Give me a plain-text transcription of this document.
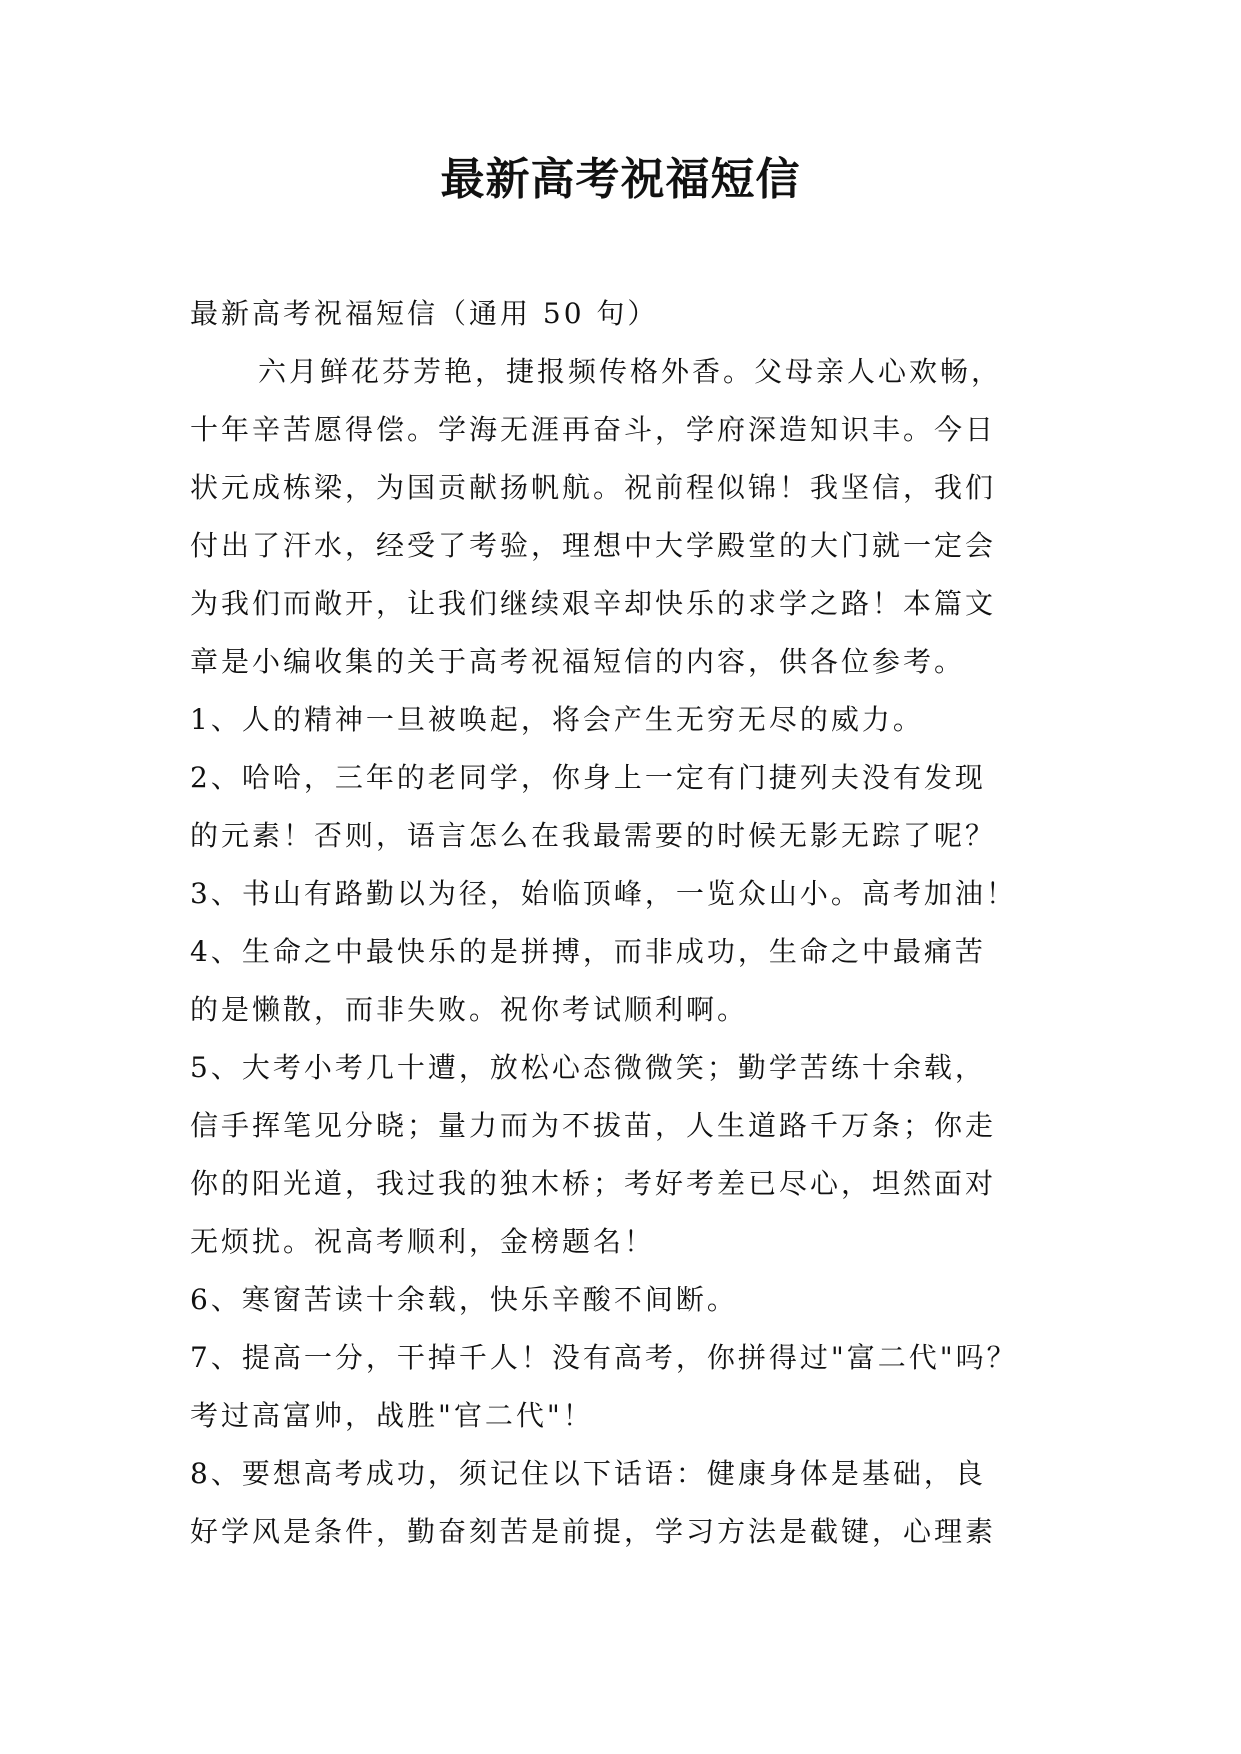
最新高考祝福短信
最新高考祝福短信（通用 50 句）
六月鲜花芬芳艳，捷报频传格外香。父母亲人心欢畅，
十年辛苦愿得偿。学海无涯再奋斗，学府深造知识丰。今日
状元成栋梁，为国贡献扬帆航。祝前程似锦！我坚信，我们
付出了汗水，经受了考验，理想中大学殿堂的大门就一定会
为我们而敞开，让我们继续艰辛却快乐的求学之路！本篇文
章是小编收集的关于高考祝福短信的内容，供各位参考。
1、人的精神一旦被唤起，将会产生无穷无尽的威力。
2、哈哈，三年的老同学，你身上一定有门捷列夫没有发现
的元素！否则，语言怎么在我最需要的时候无影无踪了呢？
3、书山有路勤以为径，始临顶峰，一览众山小。高考加油！
4、生命之中最快乐的是拼搏，而非成功，生命之中最痛苦
的是懒散，而非失败。祝你考试顺利啊。
5、大考小考几十遭，放松心态微微笑；勤学苦练十余载，
信手挥笔见分晓；量力而为不拔苗，人生道路千万条；你走
你的阳光道，我过我的独木桥；考好考差已尽心，坦然面对
无烦扰。祝高考顺利，金榜题名！
6、寒窗苦读十余载，快乐辛酸不间断。
7、提高一分，干掉千人！没有高考，你拼得过"富二代"吗？
考过高富帅，战胜"官二代"！
8、要想高考成功，须记住以下话语：健康身体是基础，良
好学风是条件，勤奋刻苦是前提，学习方法是截键，心理素
